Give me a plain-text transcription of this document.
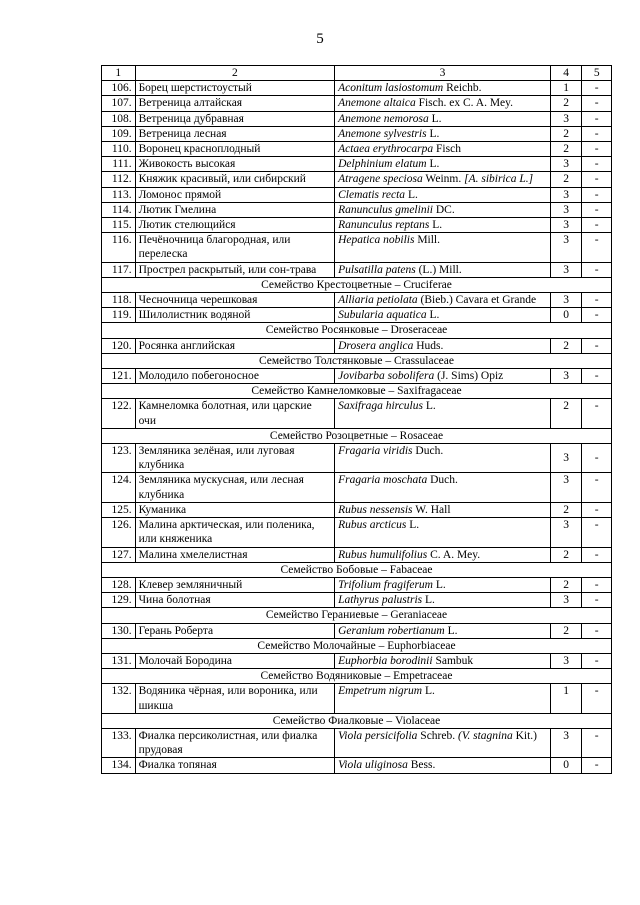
5
1	2	3	4	5
106.	Борец шерстистоустый	Aconitum lasiostomum Reichb.	1	-
107.	Ветреница алтайская	Anemone altaica Fisch. ex C. A. Mey.	2	-
108.	Ветреница дубравная	Anemone nemorosa L.	3	-
109.	Ветреница лесная	Anemone sylvestris L.	2	-
110.	Воронец красноплодный	Actaea erythrocarpa Fisch	2	-
111.	Живокость высокая	Delphinium elatum L.	3	-
112.	Княжик красивый, или сибирский	Atragene speciosa Weinm. [A. sibirica L.]	2	-
113.	Ломонос прямой	Clematis recta L.	3	-
114.	Лютик Гмелина	Ranunculus gmelinii DC.	3	-
115.	Лютик стелющийся	Ranunculus reptans L.	3	-
116.	Печёночница благородная, или перелеска	Hepatica nobilis Mill.	3	-
117.	Прострел раскрытый, или сон-трава	Pulsatilla patens (L.) Mill.	3	-
Семейство Крестоцветные – Cruciferae				
118.	Чесночница черешковая	Alliaria petiolata (Bieb.) Cavara et Grande	3	-
119.	Шилолистник водяной	Subularia aquatica L.	0	-
Семейство Росянковые – Droseraceae				
120.	Росянка английская	Drosera anglica Huds.	2	-
Семейство Толстянковые – Crassulaceae				
121.	Молодило побегоносное	Jovibarba sobolifera (J. Sims) Opiz	3	-
Семейство Камнеломковые – Saxifragaceae				
122.	Камнеломка болотная, или царские очи	Saxifraga hirculus L.	2	-
Семейство Розоцветные – Rosaceae				
123.	Земляника зелёная, или луговая клубника	Fragaria viridis Duch.	3	-
124.	Земляника мускусная, или лесная клубника	Fragaria moschata Duch.	3	-
125.	Куманика	Rubus nessensis W. Hall	2	-
126.	Малина арктическая, или поленика, или княженика	Rubus arcticus L.	3	-
127.	Малина хмелелистная	Rubus humulifolius C. A. Mey.	2	-
Семейство Бобовые – Fabaceae				
128.	Клевер земляничный	Trifolium fragiferum L.	2	-
129.	Чина болотная	Lathyrus palustris L.	3	-
Семейство Гераниевые – Geraniaceae				
130.	Герань Роберта	Geranium robertianum L.	2	-
Семейство Молочайные – Euphorbiaceae				
131.	Молочай Бородина	Euphorbia borodinii Sambuk	3	-
Семейство Водяниковые – Empetraceae				
132.	Водяника чёрная, или вороника, или шикша	Empetrum nigrum L.	1	-
Семейство Фиалковые – Violaceae				
133.	Фиалка персиколистная, или фиалка прудовая	Viola persicifolia Schreb. (V. stagnina Kit.)	3	-
134.	Фиалка топяная	Viola uliginosa Bess.	0	-
